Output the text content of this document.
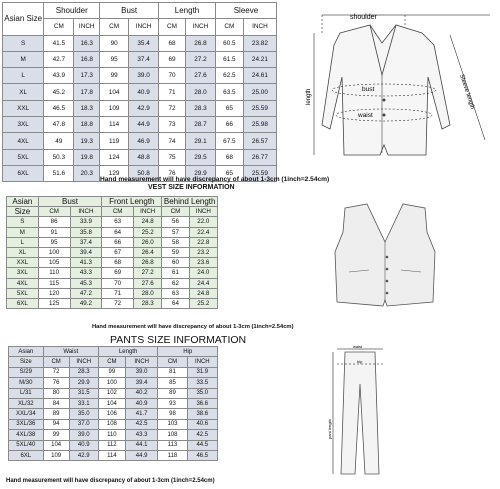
Asian Size	Shoulder		Bust		Length		Sleeve	
	CM	INCH	CM	INCH	CM	INCH	CM	INCH
S	41.5	16.3	90	35.4	68	26.8	60.5	23.82
M	42.7	16.8	95	37.4	69	27.2	61.5	24.21
L	43.9	17.3	99	39.0	70	27.6	62.5	24.61
XL	45.2	17.8	104	40.9	71	28.0	63.5	25.00
XXL	46.5	18.3	109	42.9	72	28.3	65	25.59
3XL	47.8	18.8	114	44.9	73	28.7	66	25.98
4XL	49	19.3	119	46.9	74	29.1	67.5	26.57
5XL	50.3	19.8	124	48.8	75	29.5	68	26.77
6XL	51.6	20.3	129	50.8	76	29.9	65	25.59
Hand measurement will have discrepancy of about 1-3cm (1inch=2.54cm)
shoulder
length	bust
waist
Sleeve length
VEST SIZE INFORMATION
Asian	Bust		Front Length		Behind Length	
Size	CM	INCH	CM	INCH	CM	INCH
S	86	33.9	63	24.8	56	22.0
M	91	35.8	64	25.2	57	22.4
L	95	37.4	66	26.0	58	22.8
XL	100	39.4	67	26.4	59	23.2
XXL	105	41.3	68	26.8	60	23.6
3XL	110	43.3	69	27.2	61	24.0
4XL	115	45.3	70	27.6	62	24.4
5XL	120	47.2	71	28.0	63	24.8
6XL	125	49.2	72	28.3	64	25.2
Hand measurement will have discrepancy of about 1-3cm (1inch=2.54cm)
PANTS SIZE INFORMATION
Asian	Waist		Length		Hip	
Size	CM	INCH	CM	INCH	CM	INCH
S/29	72	28.3	99	39.0	81	31.9
M/30	76	29.9	100	39.4	85	33.5
L/31	80	31.5	102	40.2	89	35.0
XL/32	84	33.1	104	40.9	93	36.6
XXL/34	89	35.0	106	41.7	98	38.6
3XL/36	94	37.0	108	42.5	103	40.6
4XL/38	99	39.0	110	43.3	108	42.5
5XL/40	104	40.9	112	44.1	113	44.5
6XL	109	42.9	114	44.9	118	46.5
Hand measurement will have discrepancy of about 1-3cm (1inch=2.54cm)
waist
hip
pant length
